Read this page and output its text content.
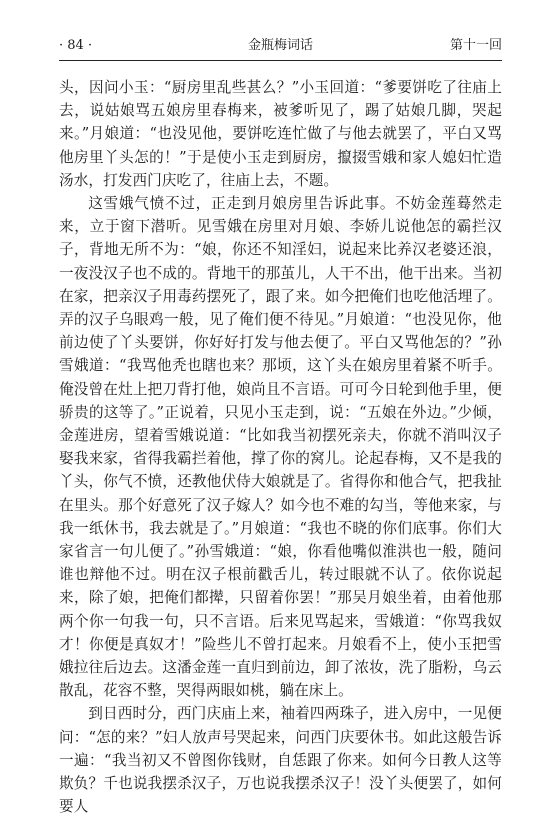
· 84 ·	金瓶梅词话	第十一回

头，因问小玉：“厨房里乱些甚么？”小玉回道：“爹要饼吃了往庙上去，说姑娘骂五娘房里春梅来，被爹听见了，踢了姑娘几脚，哭起来。”月娘道：“也没见他，要饼吃连忙做了与他去就罢了，平白又骂他房里丫头怎的！”于是使小玉走到厨房，攛掇雪娥和家人媳妇忙造汤水，打发西门庆吃了，往庙上去，不题。

这雪娥气愤不过，正走到月娘房里告诉此事。不妨金莲蓦然走来，立于窗下潜听。见雪娥在房里对月娘、李娇儿说他怎的霸拦汉子，背地无所不为：“娘，你还不知淫妇，说起来比养汉老婆还浪，一夜没汉子也不成的。背地干的那茧儿，人干不出，他干出来。当初在家，把亲汉子用毒药摆死了，跟了来。如今把俺们也吃他活埋了。弄的汉子乌眼鸡一般，见了俺们便不待见。”月娘道：“也没见你，他前边使了丫头要饼，你好好打发与他去便了。平白又骂他怎的？”孙雪娥道：“我骂他秃也瞎也来？那顷，这丫头在娘房里着紧不听手。俺没曾在灶上把刀背打他，娘尚且不言语。可可今日轮到他手里，便骄贵的这等了。”正说着，只见小玉走到，说：“五娘在外边。”少倾，金莲进房，望着雪娥说道：“比如我当初摆死亲夫，你就不消叫汉子娶我来家，省得我霸拦着他，撑了你的窝儿。论起春梅，又不是我的丫头，你气不愤，还教他伏侍大娘就是了。省得你和他合气，把我扯在里头。那个好意死了汉子嫁人？如今也不难的勾当，等他来家，与我一纸休书，我去就是了。”月娘道：“我也不晓的你们底事。你们大家省言一句儿便了。”孙雪娥道：“娘，你看他嘴似淮洪也一般，随问谁也辩他不过。明在汉子根前戳舌儿，转过眼就不认了。依你说起来，除了娘，把俺们都撵，只留着你罢！”那吴月娘坐着，由着他那两个你一句我一句，只不言语。后来见骂起来，雪娥道：“你骂我奴才！你便是真奴才！”险些儿不曾打起来。月娘看不上，使小玉把雪娥拉往后边去。这潘金莲一直归到前边，卸了浓妆，洗了脂粉，乌云散乱，花容不整，哭得两眼如桃，躺在床上。

到日西时分，西门庆庙上来，袖着四两珠子，进入房中，一见便问：“怎的来？”妇人放声号哭起来，问西门庆要休书。如此这般告诉一遍：“我当初又不曾图你钱财，自恁跟了你来。如何今日教人这等欺负？千也说我摆杀汉子，万也说我摆杀汉子！没丫头便罢了，如何要人
